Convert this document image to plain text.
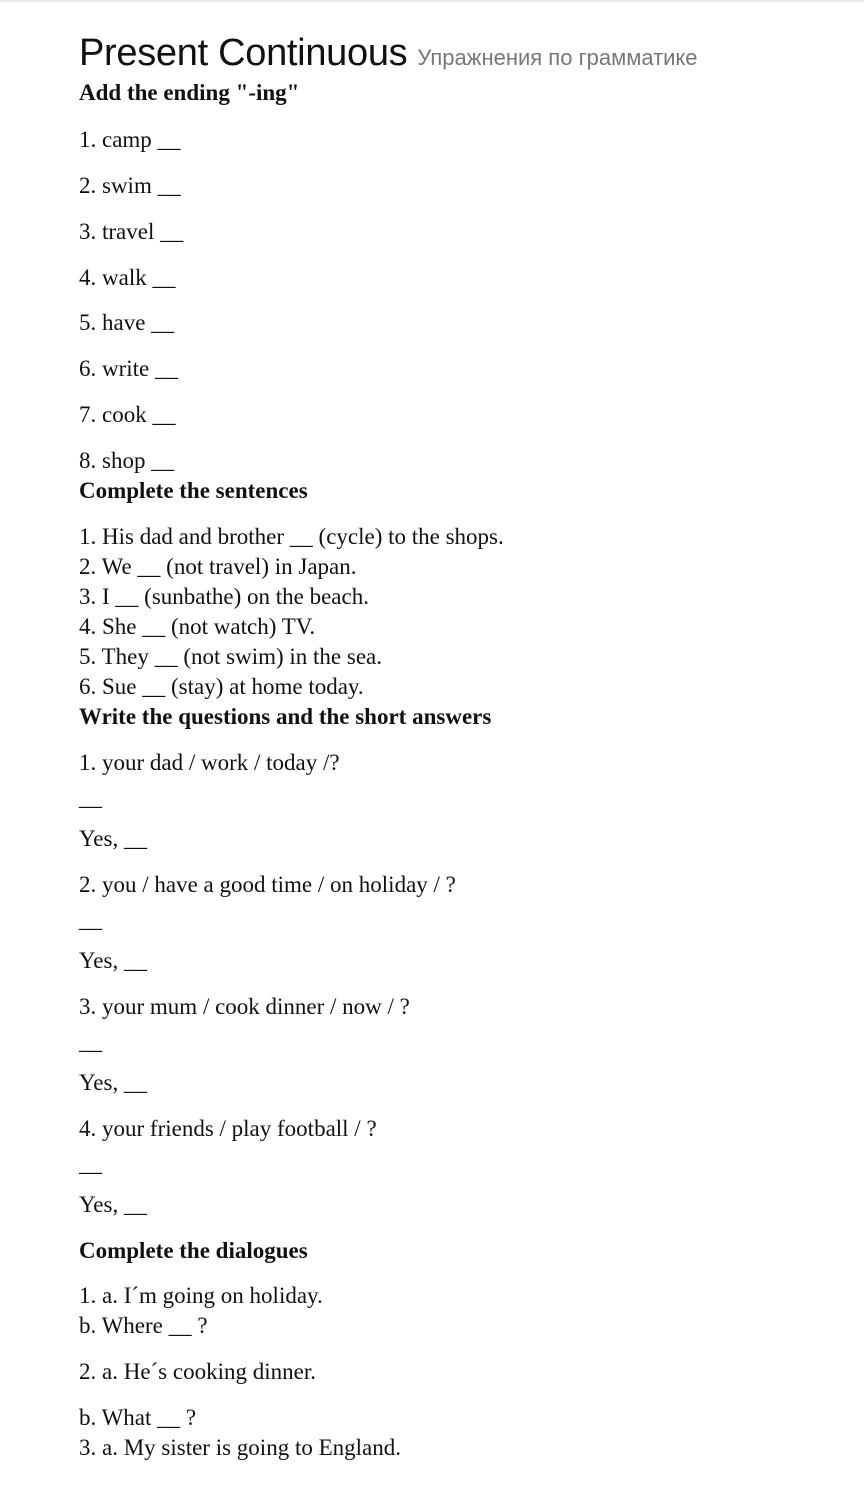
Present Continuous Упражнения по грамматике
Add the ending "-ing"
1. camp __
2. swim __
3. travel __
4. walk __
5. have __
6. write __
7. cook __
8. shop __
Complete the sentences
1. His dad and brother __ (cycle) to the shops.
2. We __ (not travel) in Japan.
3. I __ (sunbathe) on the beach.
4. She __ (not watch) TV.
5. They __ (not swim) in the sea.
6. Sue __ (stay) at home today.
Write the questions and the short answers
1. your dad / work / today /?
__
Yes, __
2. you / have a good time / on holiday / ?
__
Yes, __
3. your mum / cook dinner / now / ?
__
Yes, __
4. your friends / play football / ?
__
Yes, __
Complete the dialogues
1. a. I´m going on holiday.
b. Where __ ?
2. a. He´s cooking dinner.
b. What __ ?
3. a. My sister is going to England.
